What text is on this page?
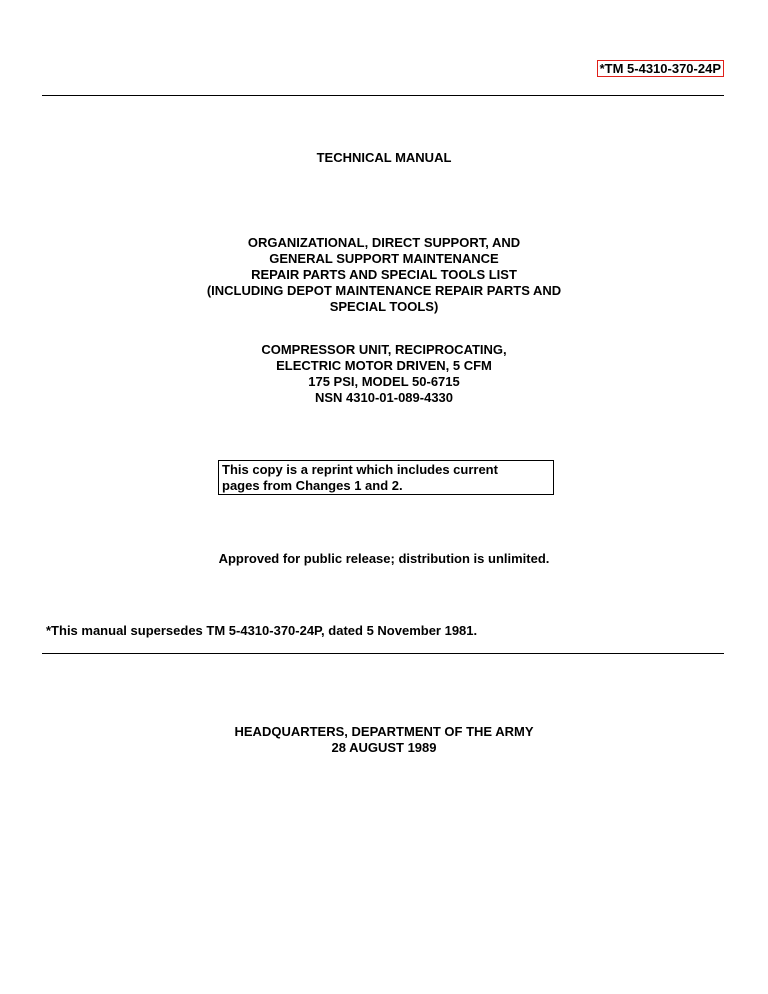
*TM 5-4310-370-24P
TECHNICAL MANUAL
ORGANIZATIONAL, DIRECT SUPPORT, AND
GENERAL SUPPORT MAINTENANCE
REPAIR PARTS AND SPECIAL TOOLS LIST
(INCLUDING DEPOT MAINTENANCE REPAIR PARTS AND
SPECIAL TOOLS)
COMPRESSOR UNIT, RECIPROCATING,
ELECTRIC MOTOR DRIVEN, 5 CFM
175 PSI, MODEL 50-6715
NSN 4310-01-089-4330
This copy is a reprint which includes current
pages from Changes 1 and 2.
Approved for public release; distribution is unlimited.
*This manual supersedes TM 5-4310-370-24P, dated 5 November 1981.
HEADQUARTERS, DEPARTMENT OF THE ARMY
28 AUGUST 1989
